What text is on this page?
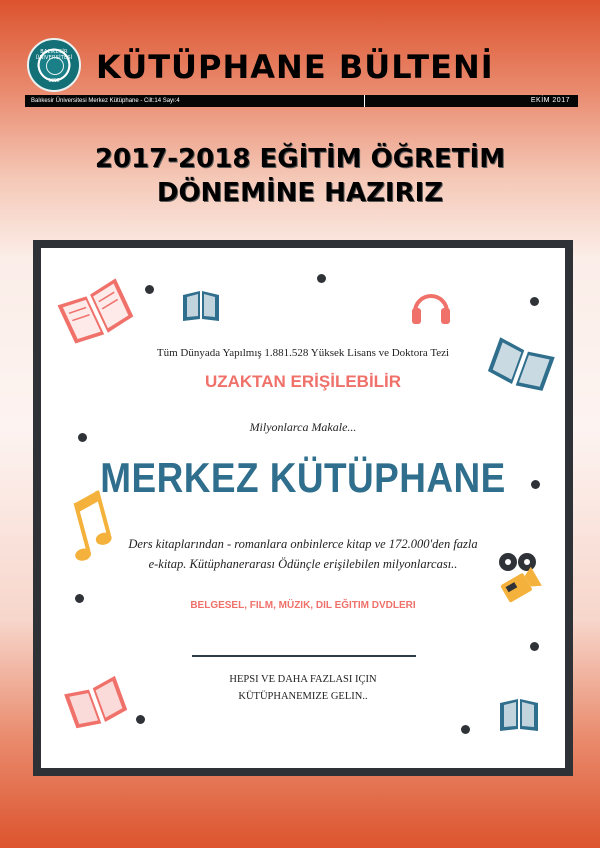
BALIKESİR ÜNİVERSİTESİ
1992	KÜTÜPHANE BÜLTENİ
Balıkesir Üniversitesi Merkez Kütüphane - Cilt:14 Sayı:4	EKİM 2017
2017-2018 EĞİTİM ÖĞRETİM
DÖNEMİNE HAZIRIZ
Tüm Dünyada Yapılmış 1.881.528 Yüksek Lisans ve Doktora Tezi
UZAKTAN ERİŞİLEBİLİR
Milyonlarca Makale...
MERKEZ KÜTÜPHANE
Ders kitaplarından - romanlara onbinlerce kitap ve 172.000'den fazla
e-kitap. Kütüphanerarası Ödünçle erişilebilen milyonlarcası..
BELGESEL, FILM, MÜZIK, DIL EĞITIM DVDLERI
HEPSI VE DAHA FAZLASI IÇIN
KÜTÜPHANEMIZE GELIN..
